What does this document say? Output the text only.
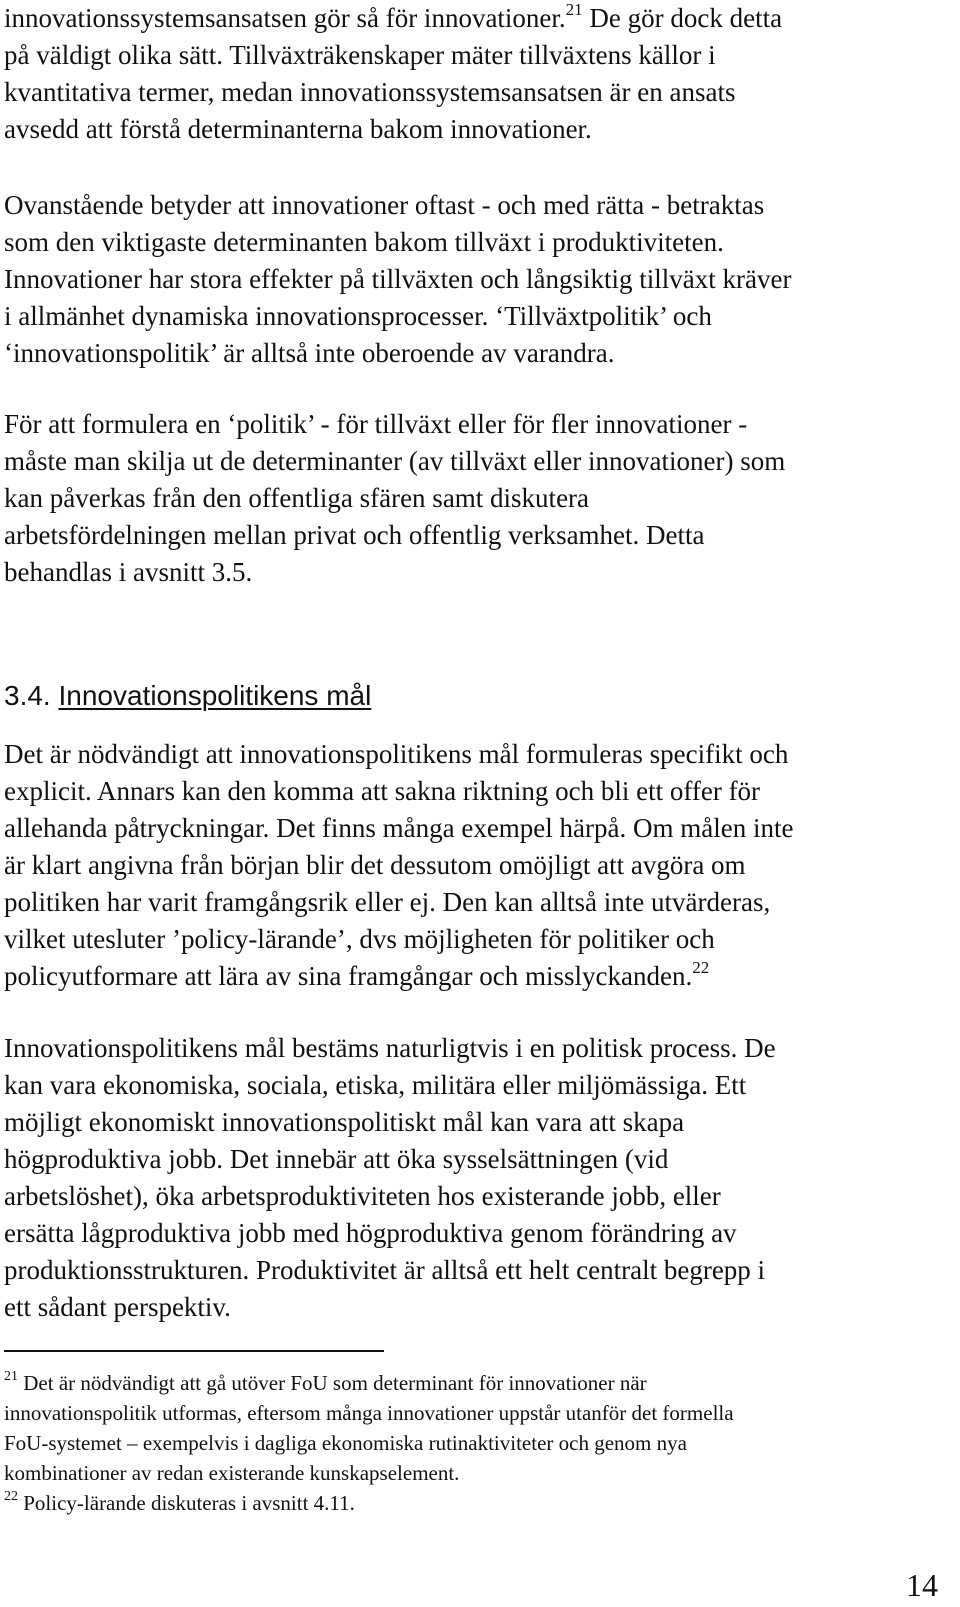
innovationssystemsansatsen gör så för innovationer.$^{21}$ De gör dock detta
på väldigt olika sätt. Tillväxträkenskaper mäter tillväxtens källor i
kvantitativa termer, medan innovationssystemsansatsen är en ansats
avsedd att förstå determinanterna bakom innovationer.
Ovanstående betyder att innovationer oftast - och med rätta - betraktas
som den viktigaste determinanten bakom tillväxt i produktiviteten.
Innovationer har stora effekter på tillväxten och långsiktig tillväxt kräver
i allmänhet dynamiska innovationsprocesser. ‘Tillväxtpolitik’ och
‘innovationspolitik’ är alltså inte oberoende av varandra.
För att formulera en ‘politik’ - för tillväxt eller för fler innovationer -
måste man skilja ut de determinanter (av tillväxt eller innovationer) som
kan påverkas från den offentliga sfären samt diskutera
arbetsfördelningen mellan privat och offentlig verksamhet. Detta
behandlas i avsnitt 3.5.
3.4. Innovationspolitikens mål
Det är nödvändigt att innovationspolitikens mål formuleras specifikt och
explicit. Annars kan den komma att sakna riktning och bli ett offer för
allehanda påtryckningar. Det finns många exempel härpå. Om målen inte
är klart angivna från början blir det dessutom omöjligt att avgöra om
politiken har varit framgångsrik eller ej. Den kan alltså inte utvärderas,
vilket utesluter ’policy-lärande’, dvs möjligheten för politiker och
policyutformare att lära av sina framgångar och misslyckanden.$^{22}$
Innovationspolitikens mål bestäms naturligtvis i en politisk process. De
kan vara ekonomiska, sociala, etiska, militära eller miljömässiga. Ett
möjligt ekonomiskt innovationspolitiskt mål kan vara att skapa
högproduktiva jobb. Det innebär att öka sysselsättningen (vid
arbetslöshet), öka arbetsproduktiviteten hos existerande jobb, eller
ersätta lågproduktiva jobb med högproduktiva genom förändring av
produktionsstrukturen. Produktivitet är alltså ett helt centralt begrepp i
ett sådant perspektiv.
$^{21}$ Det är nödvändigt att gå utöver FoU som determinant för innovationer när
innovationspolitik utformas, eftersom många innovationer uppstår utanför det formella
FoU-systemet – exempelvis i dagliga ekonomiska rutinaktiviteter och genom nya
kombinationer av redan existerande kunskapselement.
$^{22}$ Policy-lärande diskuteras i avsnitt 4.11.
14
